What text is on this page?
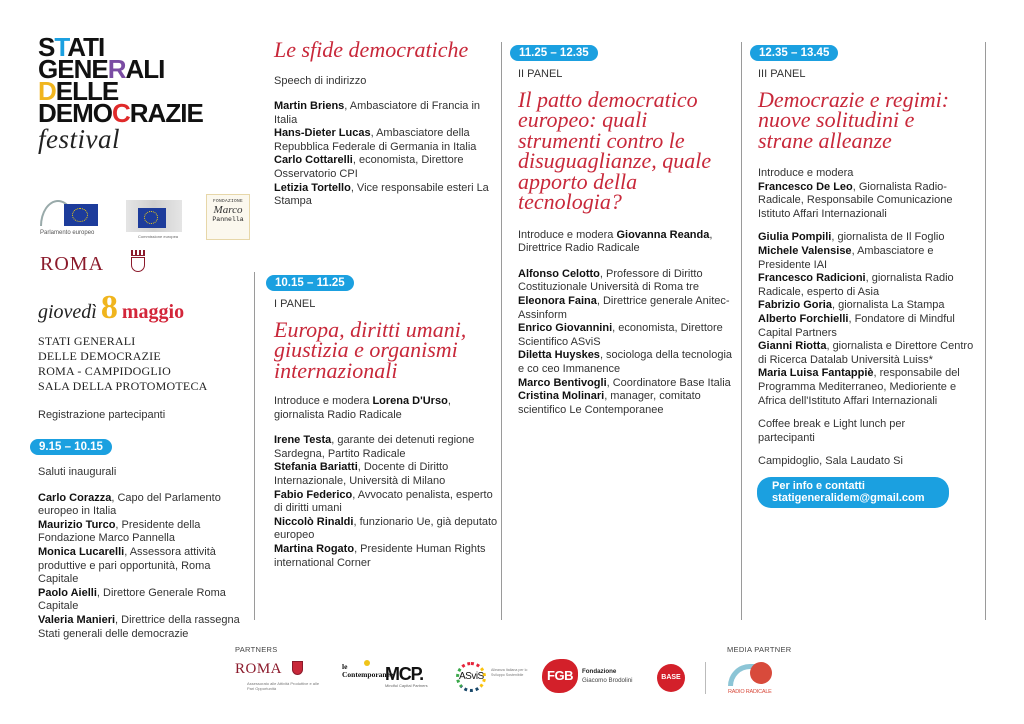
STATI
GENERALI
DELLE
DEMOCRAZIE
festival
Parlamento europeo
Commissione europea
FONDAZIONE
Marco
Pannella
ROMA
giovedì 8 maggio
STATI GENERALI
DELLE DEMOCRAZIE
ROMA - CAMPIDOGLIO
SALA DELLA PROTOMOTECA
Registrazione partecipanti
9.15 – 10.15
Saluti inaugurali
Carlo Corazza, Capo del Parlamento europeo in Italia
Maurizio Turco, Presidente della Fondazione Marco Pannella
Monica Lucarelli, Assessora attività produttive e pari opportunità, Roma Capitale
Paolo Aielli, Direttore Generale Roma Capitale
Valeria Manieri, Direttrice della rassegna Stati generali delle democrazie
Le sfide democratiche
Speech di indirizzo
Martin Briens, Ambasciatore di Francia in Italia
Hans-Dieter Lucas, Ambasciatore della Repubblica Federale di Germania in Italia
Carlo Cottarelli, economista, Direttore Osservatorio CPI
Letizia Tortello, Vice responsabile esteri La Stampa
10.15 – 11.25
I PANEL
Europa, diritti umani, giustizia e organismi internazionali
Introduce e modera Lorena D'Urso, giornalista Radio Radicale
Irene Testa, garante dei detenuti regione Sardegna, Partito Radicale
Stefania Bariatti, Docente di Diritto Internazionale, Università di Milano
Fabio Federico, Avvocato penalista, esperto di diritti umani
Niccolò Rinaldi, funzionario Ue, già deputato europeo
Martina Rogato, Presidente Human Rights international Corner
11.25 – 12.35
II PANEL
Il patto democratico europeo: quali strumenti contro le disuguaglianze, quale apporto della tecnologia?
Introduce e modera Giovanna Reanda, Direttrice Radio Radicale
Alfonso Celotto, Professore di Diritto Costituzionale Università di Roma tre
Eleonora Faina, Direttrice generale Anitec-Assinform
Enrico Giovannini, economista, Direttore Scientifico ASviS
Diletta Huyskes, sociologa della tecnologia e co ceo Immanence
Marco Bentivogli, Coordinatore Base Italia
Cristina Molinari, manager, comitato scientifico Le Contemporanee
12.35 – 13.45
III PANEL
Democrazie e regimi: nuove solitudini e strane alleanze
Introduce e modera
Francesco De Leo, Giornalista Radio-Radicale, Responsabile Comunicazione Istituto Affari Internazionali
Giulia Pompili, giornalista de Il Foglio
Michele Valensise, Ambasciatore e Presidente IAI
Francesco Radicioni, giornalista Radio Radicale, esperto di Asia
Fabrizio Goria, giornalista La Stampa
Alberto Forchielli, Fondatore di Mindful Capital Partners
Gianni Riotta, giornalista e Direttore Centro di Ricerca Datalab Università Luiss*
Maria Luisa Fantappiè, responsabile del Programma Mediterraneo, Medioriente e Africa dell'Istituto Affari Internazionali
Coffee break e Light lunch per partecipanti
Campidoglio, Sala Laudato Si
Per info e contatti
statigeneralidem@gmail.com
PARTNERS	MEDIA PARTNER
ROMA
Assessorato alle Attività Produttive e alle Pari Opportunità
le Contemporanee
MCP.
Mindful Capital Partners
ASviS
Alleanza Italiana per lo Sviluppo Sostenibile	FGB	Fondazione
Giacomo Brodolini	BASE
RADIO RADICALE
